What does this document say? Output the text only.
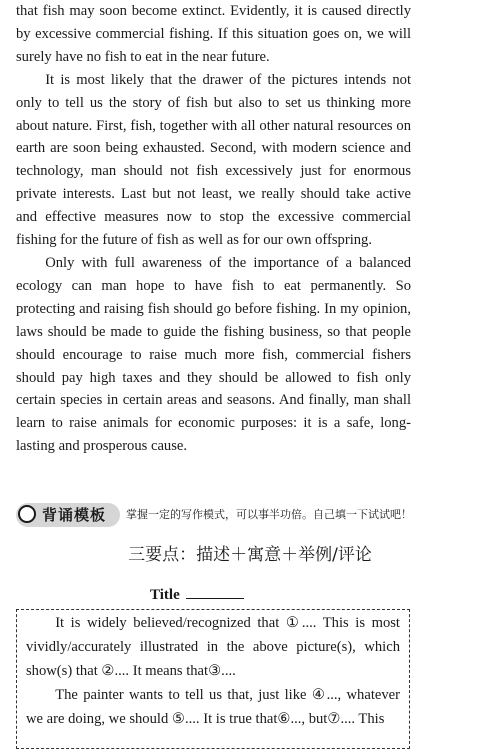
that fish may soon become extinct. Evidently, it is caused directly by excessive commercial fishing. If this situation goes on, we will surely have no fish to eat in the near future.

It is most likely that the drawer of the pictures intends not only to tell us the story of fish but also to set us thinking more about nature. First, fish, together with all other natural resources on earth are soon being exhausted. Second, with modern science and technology, man should not fish excessively just for enormous private interests. Last but not least, we really should take active and effective measures now to stop the excessive commercial fishing for the future of fish as well as for our own offspring.

Only with full awareness of the importance of a balanced ecology can man hope to have fish to eat permanently. So protecting and raising fish should go before fishing. In my opinion, laws should be made to guide the fishing business, so that people should encourage to raise much more fish, commercial fishers should pay high taxes and they should be allowed to fish only certain species in certain areas and seasons. And finally, man shall learn to raise animals for economic purposes: it is a safe, long-lasting and prosperous cause.

背诵模板 掌握一定的写作模式，可以事半功倍。自己填一下试试吧！
三要点：描述＋寓意＋举例/评论
Title

It is widely believed/recognized that ①.... This is most vividly/accurately illustrated in the above picture(s), which show(s) that ②.... It means that③....

The painter wants to tell us that, just like ④..., whatever we are doing, we should ⑤.... It is true that⑥..., but⑦.... This
